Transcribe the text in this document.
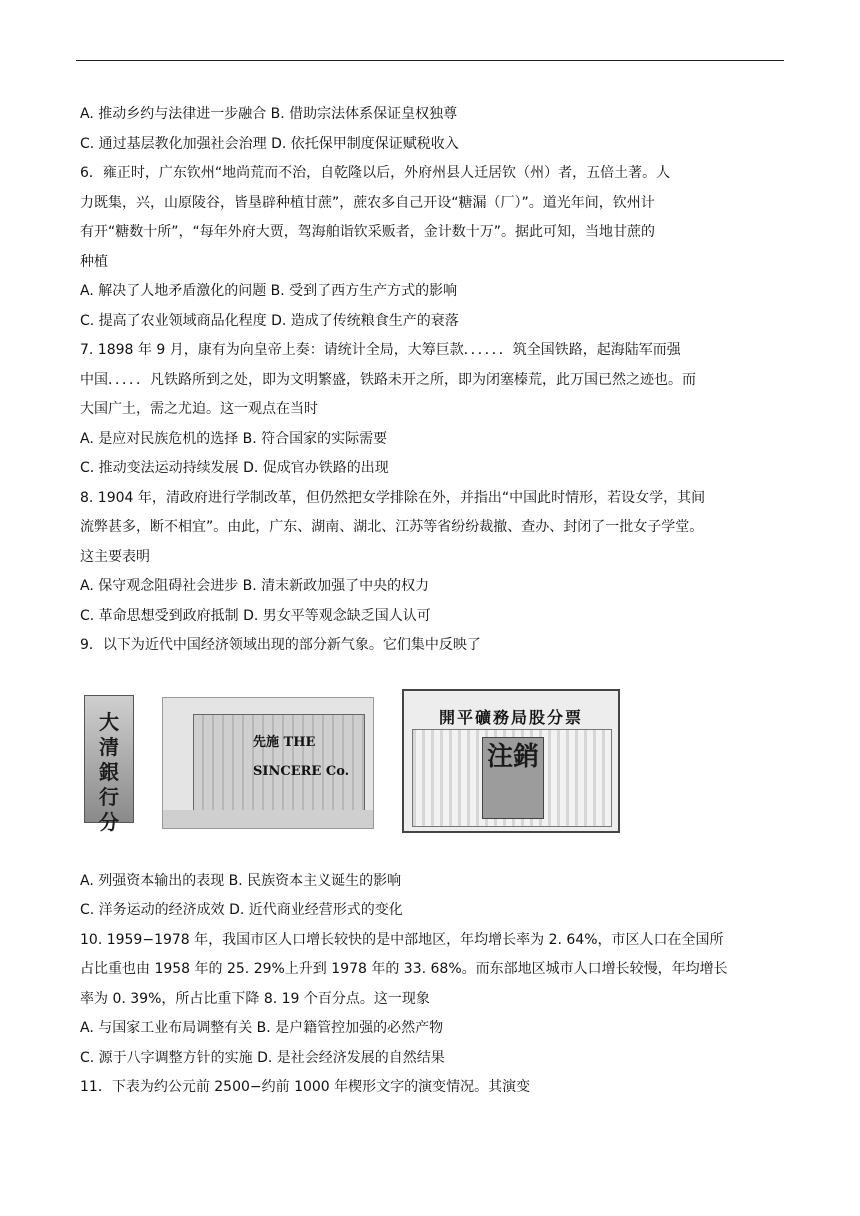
A. 推动乡约与法律进一步融合 B. 借助宗法体系保证皇权独尊
C. 通过基层教化加强社会治理 D. 依托保甲制度保证赋税收入
6．雍正时，广东钦州“地尚荒而不治，自乾隆以后，外府州县人迁居钦（州）者，五倍土著。人
力既集，兴，山原陵谷，皆垦辟种植甘蔗”，蔗农多自己开设“糖漏（厂）”。道光年间，钦州计
有开“糖数十所”，“每年外府大贾，驾海舶诣钦采贩者，金计数十万”。据此可知，当地甘蔗的
种植
A. 解决了人地矛盾激化的问题 B. 受到了西方生产方式的影响
C. 提高了农业领域商品化程度 D. 造成了传统粮食生产的衰落
7. 1898 年 9 月，康有为向皇帝上奏：请统计全局，大筹巨款．．．．．．筑全国铁路，起海陆军而强
中国．．．．．凡铁路所到之处，即为文明繁盛，铁路未开之所，即为闭塞榛荒，此万国已然之迹也。而
大国广土，需之尤迫。这一观点在当时
A. 是应对民族危机的选择 B. 符合国家的实际需要
C. 推动变法运动持续发展 D. 促成官办铁路的出现
8. 1904 年，清政府进行学制改革，但仍然把女学排除在外，并指出“中国此时情形，若设女学，其间
流弊甚多，断不相宜”。由此，广东、湖南、湖北、江苏等省纷纷裁撤、查办、封闭了一批女子学堂。
这主要表明
A. 保守观念阻碍社会进步 B. 清末新政加强了中央的权力
C. 革命思想受到政府抵制 D. 男女平等观念缺乏国人认可
9．以下为近代中国经济领域出现的部分新气象。它们集中反映了
大清銀行分
先施 THE SINCERE Co.
開平礦務局股分票
注銷
A. 列强资本输出的表现 B. 民族资本主义诞生的影响
C. 洋务运动的经济成效 D. 近代商业经营形式的变化
10. 1959−1978 年，我国市区人口增长较快的是中部地区，年均增长率为 2. 64%，市区人口在全国所
占比重也由 1958 年的 25. 29%上升到 1978 年的 33. 68%。而东部地区城市人口增长较慢，年均增长
率为 0. 39%，所占比重下降 8. 19 个百分点。这一现象
A. 与国家工业布局调整有关 B. 是户籍管控加强的必然产物
C. 源于八字调整方针的实施 D. 是社会经济发展的自然结果
11．下表为约公元前 2500−约前 1000 年楔形文字的演变情况。其演变
